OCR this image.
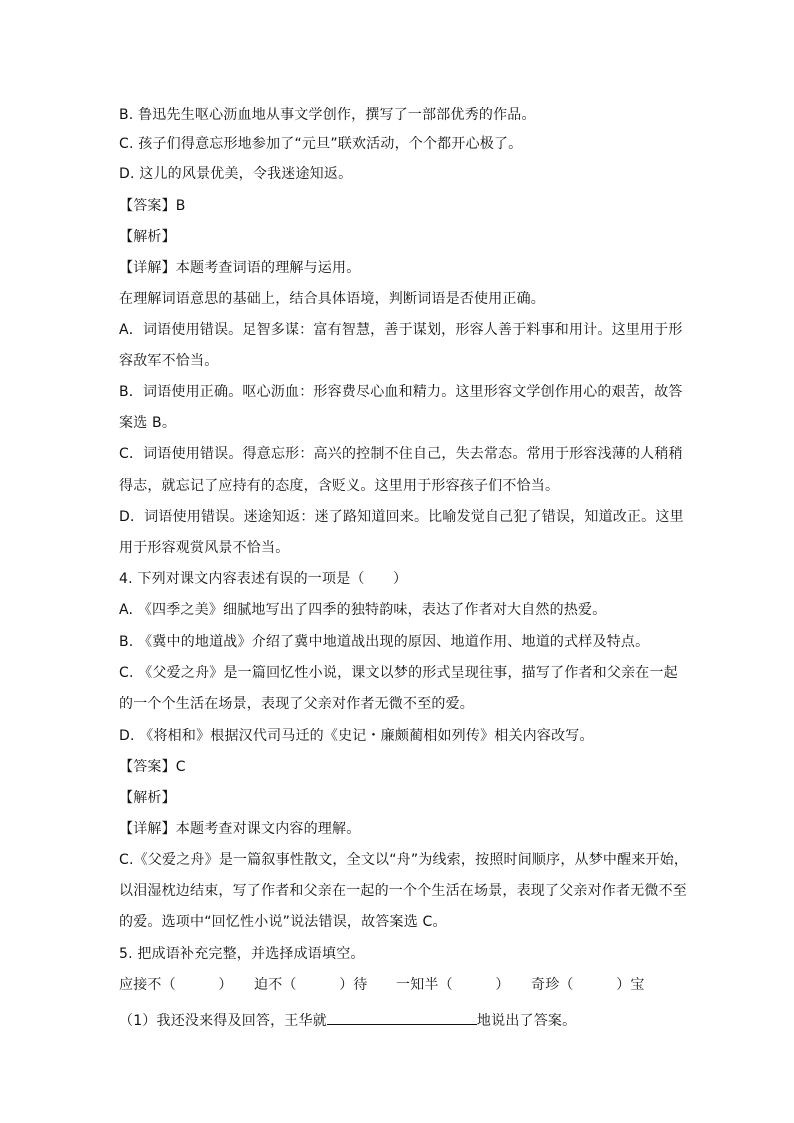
B. 鲁迅先生呕心沥血地从事文学创作，撰写了一部部优秀的作品。
C. 孩子们得意忘形地参加了“元旦”联欢活动，个个都开心极了。
D. 这儿的风景优美，令我迷途知返。
【答案】B
【解析】
【详解】本题考查词语的理解与运用。
在理解词语意思的基础上，结合具体语境，判断词语是否使用正确。
A．词语使用错误。足智多谋：富有智慧，善于谋划，形容人善于料事和用计。这里用于形
容敌军不恰当。
B．词语使用正确。呕心沥血：形容费尽心血和精力。这里形容文学创作用心的艰苦，故答
案选 B。
C．词语使用错误。得意忘形：高兴的控制不住自己，失去常态。常用于形容浅薄的人稍稍
得志，就忘记了应持有的态度，含贬义。这里用于形容孩子们不恰当。
D．词语使用错误。迷途知返：迷了路知道回来。比喻发觉自己犯了错误，知道改正。这里
用于形容观赏风景不恰当。
4. 下列对课文内容表述有误的一项是（　　）
A. 《四季之美》细腻地写出了四季的独特韵味，表达了作者对大自然的热爱。
B. 《冀中的地道战》介绍了冀中地道战出现的原因、地道作用、地道的式样及特点。
C. 《父爱之舟》是一篇回忆性小说，课文以梦的形式呈现往事，描写了作者和父亲在一起
的一个个生活在场景，表现了父亲对作者无微不至的爱。
D. 《将相和》根据汉代司马迁的《史记・廉颇蔺相如列传》相关内容改写。
【答案】C
【解析】
【详解】本题考查对课文内容的理解。
C.《父爱之舟》是一篇叙事性散文，全文以“舟”为线索，按照时间顺序，从梦中醒来开始，
以泪湿枕边结束，写了作者和父亲在一起的一个个生活在场景，表现了父亲对作者无微不至
的爱。选项中“回忆性小说”说法错误，故答案选 C。
5. 把成语补充完整，并选择成语填空。
应接不（　　　）　　迫不（　　　）待　　一知半（　　　）　　奇珍（　　　）宝
（1）我还没来得及回答，王华就	地说出了答案。
